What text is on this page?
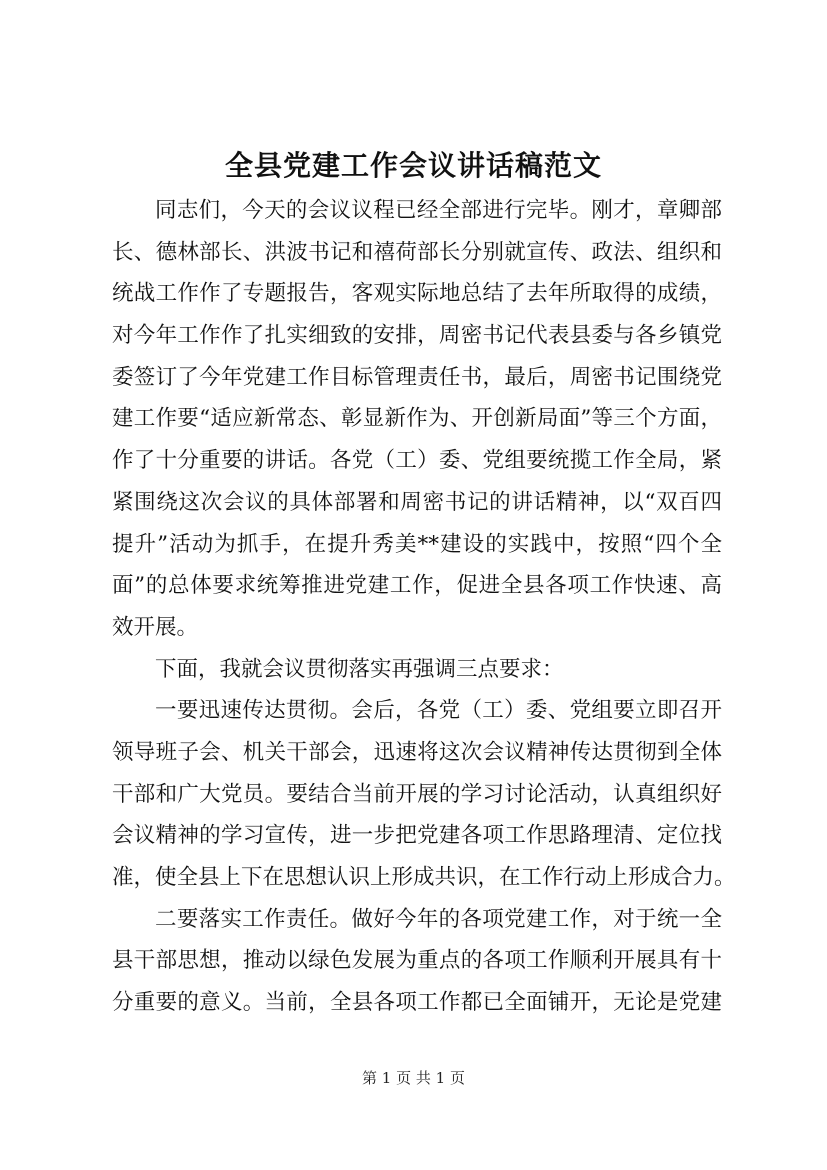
全县党建工作会议讲话稿范文
同志们，今天的会议议程已经全部进行完毕。刚才，章卿部
长、德林部长、洪波书记和禧荷部长分别就宣传、政法、组织和
统战工作作了专题报告，客观实际地总结了去年所取得的成绩，
对今年工作作了扎实细致的安排，周密书记代表县委与各乡镇党
委签订了今年党建工作目标管理责任书，最后，周密书记围绕党
建工作要“适应新常态、彰显新作为、开创新局面”等三个方面，
作了十分重要的讲话。各党（工）委、党组要统揽工作全局，紧
紧围绕这次会议的具体部署和周密书记的讲话精神，以“双百四
提升”活动为抓手，在提升秀美**建设的实践中，按照“四个全
面”的总体要求统筹推进党建工作，促进全县各项工作快速、高
效开展。
下面，我就会议贯彻落实再强调三点要求：
一要迅速传达贯彻。会后，各党（工）委、党组要立即召开
领导班子会、机关干部会，迅速将这次会议精神传达贯彻到全体
干部和广大党员。要结合当前开展的学习讨论活动，认真组织好
会议精神的学习宣传，进一步把党建各项工作思路理清、定位找
准，使全县上下在思想认识上形成共识，在工作行动上形成合力。
二要落实工作责任。做好今年的各项党建工作，对于统一全
县干部思想，推动以绿色发展为重点的各项工作顺利开展具有十
分重要的意义。当前，全县各项工作都已全面铺开，无论是党建
第 1 页 共 1 页
